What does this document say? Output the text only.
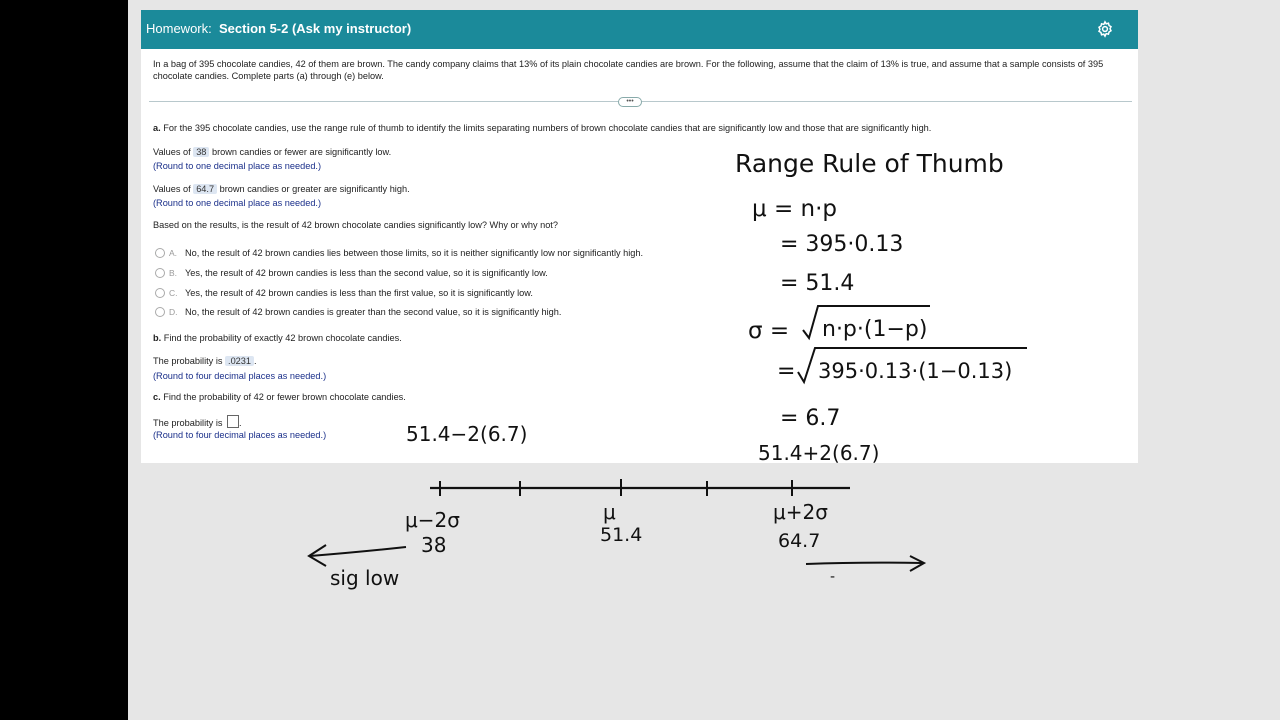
Homework: Section 5-2 (Ask my instructor)
In a bag of 395 chocolate candies, 42 of them are brown. The candy company claims that 13% of its plain chocolate candies are brown. For the following, assume that the claim of 13% is true, and assume that a sample consists of 395 chocolate candies. Complete parts (a) through (e) below.
•••
a. For the 395 chocolate candies, use the range rule of thumb to identify the limits separating numbers of brown chocolate candies that are significantly low and those that are significantly high.
Values of 38 brown candies or fewer are significantly low.
(Round to one decimal place as needed.)
Values of 64.7 brown candies or greater are significantly high.
(Round to one decimal place as needed.)
Based on the results, is the result of 42 brown chocolate candies significantly low? Why or why not?
A. No, the result of 42 brown candies lies between those limits, so it is neither significantly low nor significantly high.
B. Yes, the result of 42 brown candies is less than the second value, so it is significantly low.
C. Yes, the result of 42 brown candies is less than the first value, so it is significantly low.
D. No, the result of 42 brown candies is greater than the second value, so it is significantly high.
b. Find the probability of exactly 42 brown chocolate candies.
The probability is .0231 .
(Round to four decimal places as needed.)
c. Find the probability of 42 or fewer brown chocolate candies.
The probability is .
(Round to four decimal places as needed.)
Range Rule of Thumb
μ = n·p
= 395·0.13
= 51.4
σ = n·p·(1−p)
= 395·0.13·(1−0.13)
= 6.7
51.4+2(6.7)
51.4−2(6.7)
μ−2σ
38
μ
51.4
μ+2σ
64.7
sig low	-
